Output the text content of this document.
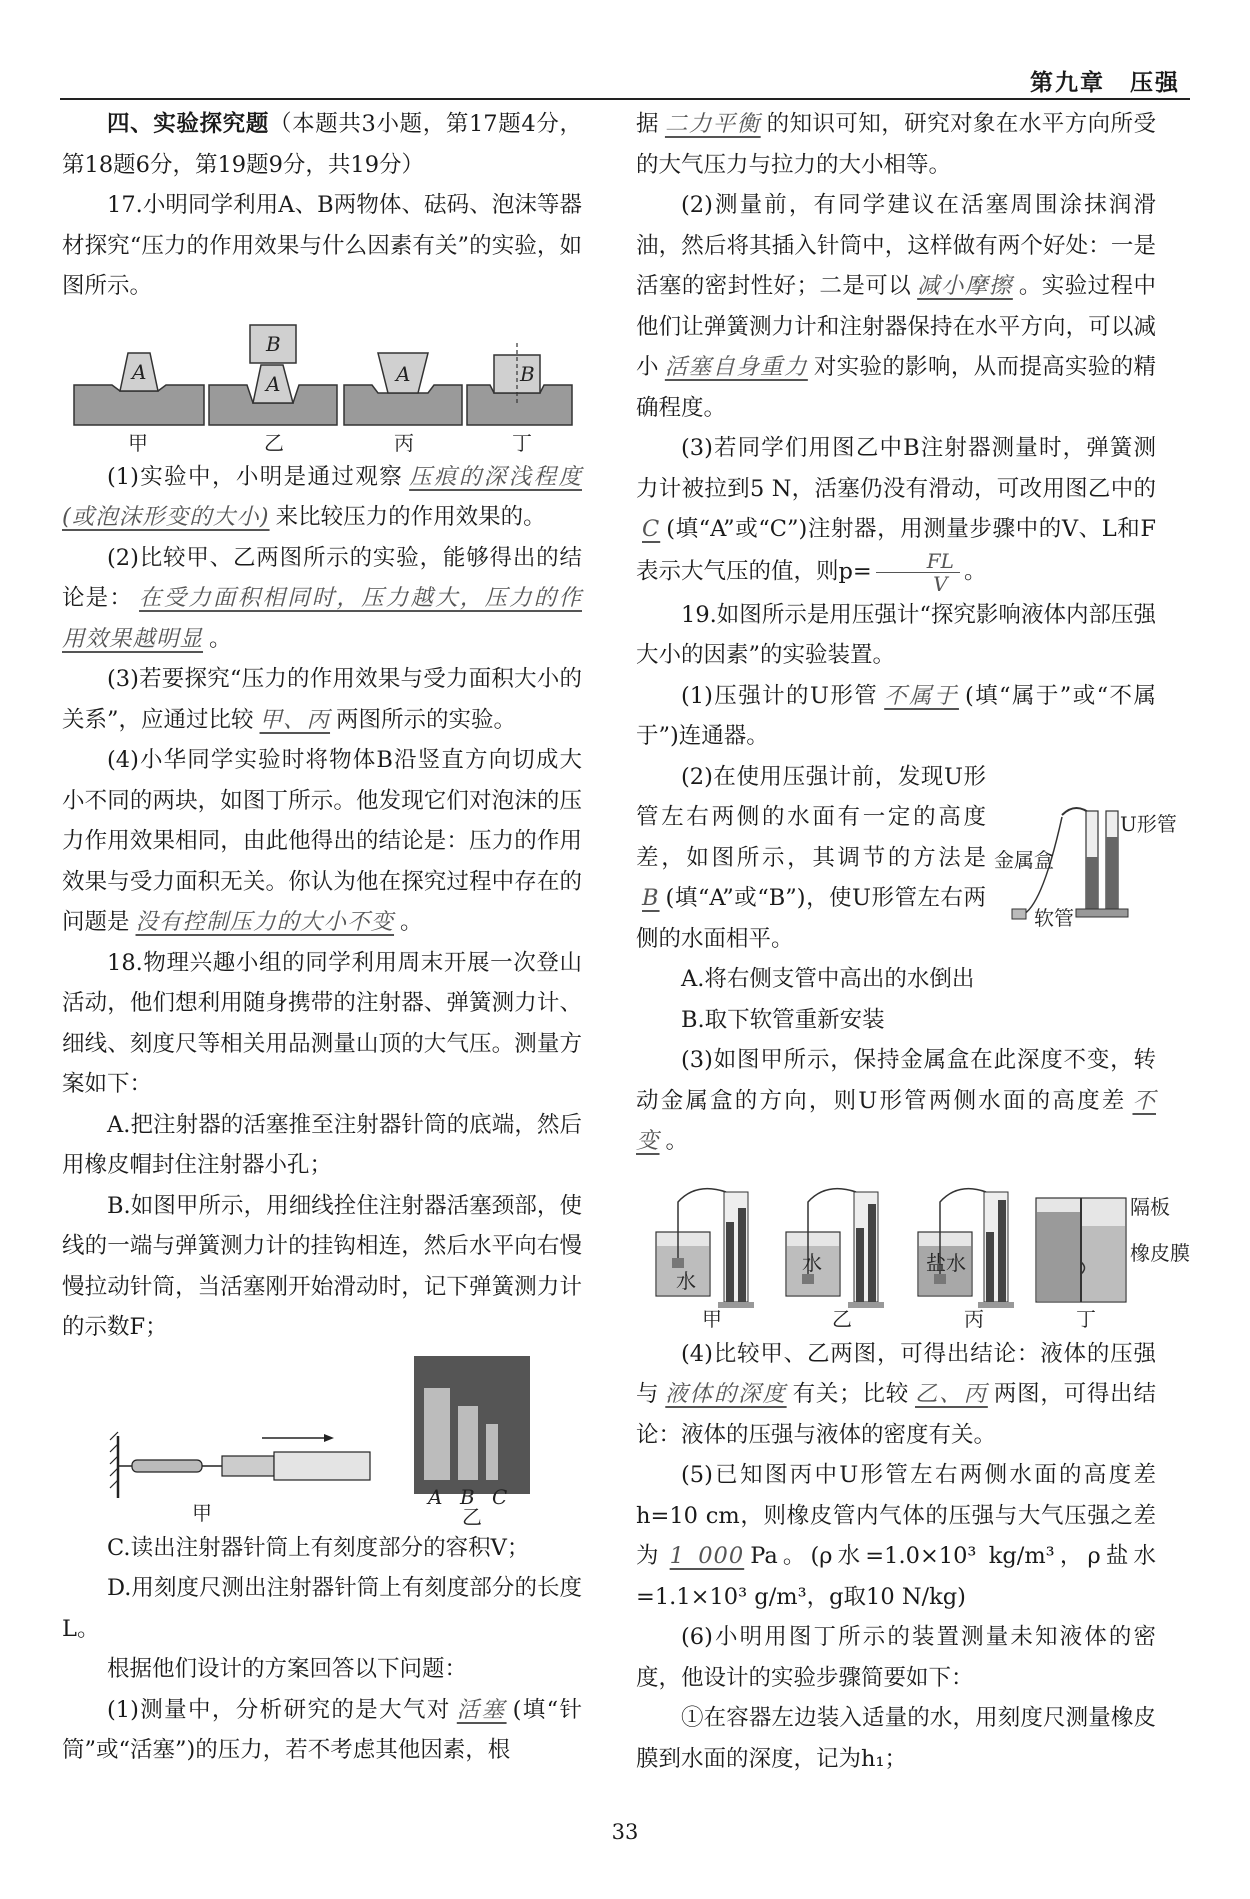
第九章　压强

四、实验探究题（本题共3小题，第17题4分，第18题6分，第19题9分，共19分）

17.小明同学利用A、B两物体、砝码、泡沫等器材探究“压力的作用效果与什么因素有关”的实验，如图所示。

A
甲
B
A
乙
A
丙
B
丁

(1)实验中，小明是通过观察 压痕的深浅程度(或泡沫形变的大小) 来比较压力的作用效果的。

(2)比较甲、乙两图所示的实验，能够得出的结论是： 在受力面积相同时，压力越大，压力的作用效果越明显 。

(3)若要探究“压力的作用效果与受力面积大小的关系”，应通过比较 甲、丙 两图所示的实验。

(4)小华同学实验时将物体B沿竖直方向切成大小不同的两块，如图丁所示。他发现它们对泡沫的压力作用效果相同，由此他得出的结论是：压力的作用效果与受力面积无关。你认为他在探究过程中存在的问题是 没有控制压力的大小不变 。

18.物理兴趣小组的同学利用周末开展一次登山活动，他们想利用随身携带的注射器、弹簧测力计、细线、刻度尺等相关用品测量山顶的大气压。测量方案如下：

A.把注射器的活塞推至注射器针筒的底端，然后用橡皮帽封住注射器小孔；

B.如图甲所示，用细线拴住注射器活塞颈部，使线的一端与弹簧测力计的挂钩相连，然后水平向右慢慢拉动针筒，当活塞刚开始滑动时，记下弹簧测力计的示数F；

甲
A B C
乙

C.读出注射器针筒上有刻度部分的容积V；

D.用刻度尺测出注射器针筒上有刻度部分的长度L。

根据他们设计的方案回答以下问题：

(1)测量中，分析研究的是大气对 活塞 (填“针筒”或“活塞”)的压力，若不考虑其他因素，根

据 二力平衡 的知识可知，研究对象在水平方向所受的大气压力与拉力的大小相等。

(2)测量前，有同学建议在活塞周围涂抹润滑油，然后将其插入针筒中，这样做有两个好处：一是活塞的密封性好；二是可以 减小摩擦 。实验过程中他们让弹簧测力计和注射器保持在水平方向，可以减小 活塞自身重力 对实验的影响，从而提高实验的精确程度。

(3)若同学们用图乙中B注射器测量时，弹簧测力计被拉到5 N，活塞仍没有滑动，可改用图乙中的C (填“A”或“C”)注射器，用测量步骤中的V、L和F表示大气压的值，则$p= \frac{FL}{V}$ 。

19.如图所示是用压强计“探究影响液体内部压强大小的因素”的实验装置。

(1)压强计的U形管 不属于 (填“属于”或“不属于”)连通器。

(2)在使用压强计前，发现U形管左右两侧的水面有一定的高度差，如图所示，其调节的方法是B (填“A”或“B”)，使U形管左右两侧的水面相平。

U形管
金属盒
软管

A.将右侧支管中高出的水倒出

B.取下软管重新安装

(3)如图甲所示，保持金属盒在此深度不变，转动金属盒的方向，则U形管两侧水面的高度差 不变 。

水
甲
水
乙
盐水
丙
隔板
橡皮膜
丁

(4)比较甲、乙两图，可得出结论：液体的压强与 液体的深度 有关；比较 乙、丙 两图，可得出结论：液体的压强与液体的密度有关。

(5)已知图丙中U形管左右两侧水面的高度差h=10 cm，则橡皮管内气体的压强与大气压强之差为 1 000 Pa。(ρ水=1.0×10³ kg/m³，ρ盐水=1.1×10³ g/m³，g取10 N/kg)

(6)小明用图丁所示的装置测量未知液体的密度，他设计的实验步骤简要如下：

①在容器左边装入适量的水，用刻度尺测量橡皮膜到水面的深度，记为h₁；

33
